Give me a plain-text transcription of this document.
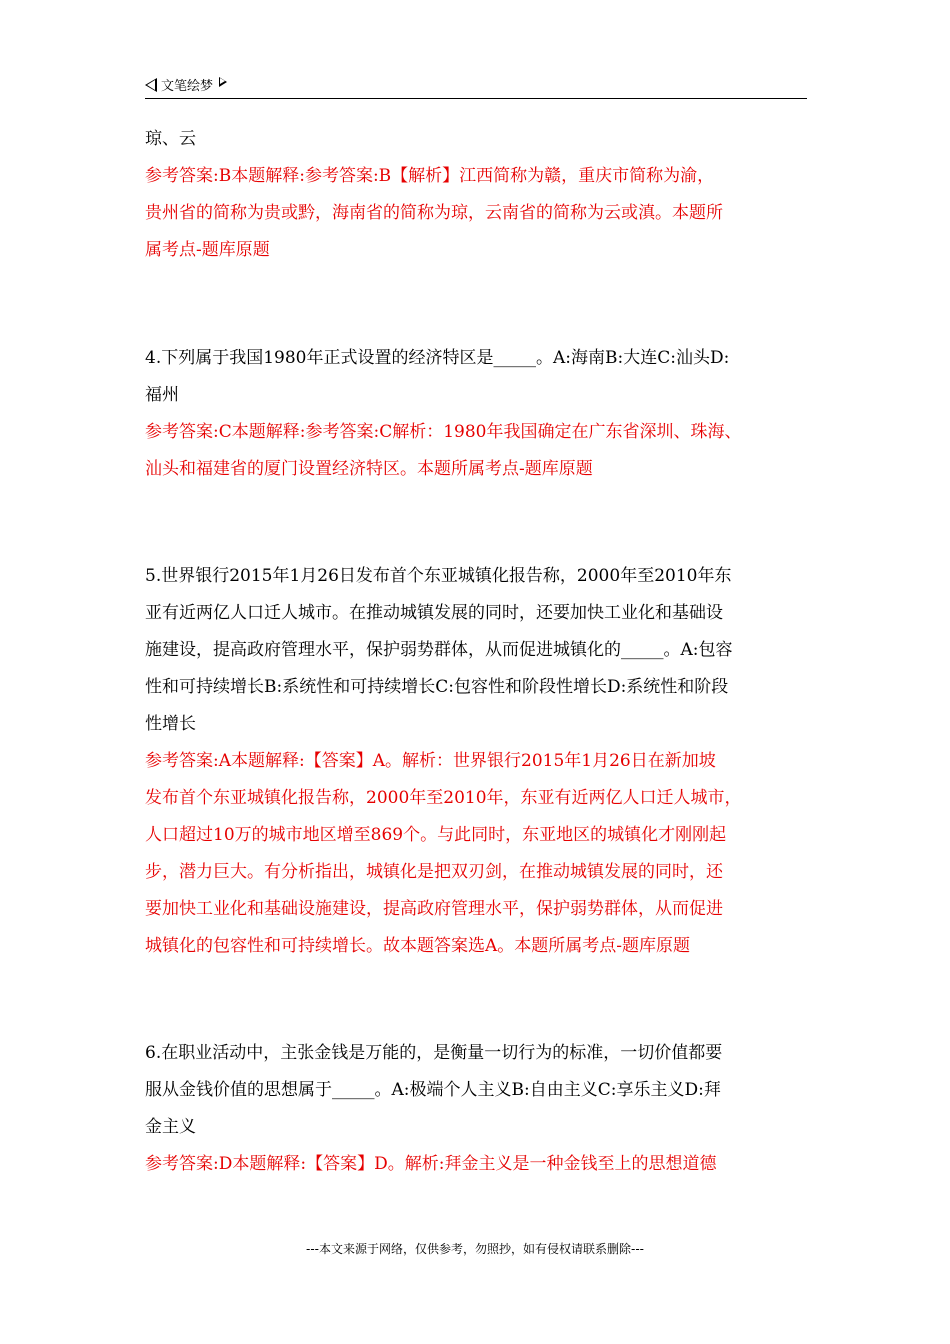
文笔绘梦
琼、云
参考答案:B本题解释:参考答案:B【解析】江西简称为赣，重庆市简称为渝，
贵州省的简称为贵或黔，海南省的简称为琼，云南省的简称为云或滇。本题所
属考点-题库原题
4.下列属于我国1980年正式设置的经济特区是_____。A:海南B:大连C:汕头D:
福州
参考答案:C本题解释:参考答案:C解析：1980年我国确定在广东省深圳、珠海、
汕头和福建省的厦门设置经济特区。本题所属考点-题库原题
5.世界银行2015年1月26日发布首个东亚城镇化报告称，2000年至2010年东
亚有近两亿人口迁人城市。在推动城镇发展的同时，还要加快工业化和基础设
施建设，提高政府管理水平，保护弱势群体，从而促进城镇化的_____。A:包容
性和可持续增长B:系统性和可持续增长C:包容性和阶段性增长D:系统性和阶段
性增长
参考答案:A本题解释:【答案】A。解析：世界银行2015年1月26日在新加坡
发布首个东亚城镇化报告称，2000年至2010年，东亚有近两亿人口迁人城市，
人口超过10万的城市地区增至869个。与此同时，东亚地区的城镇化才刚刚起
步，潜力巨大。有分析指出，城镇化是把双刃剑，在推动城镇发展的同时，还
要加快工业化和基础设施建设，提高政府管理水平，保护弱势群体，从而促进
城镇化的包容性和可持续增长。故本题答案选A。本题所属考点-题库原题
6.在职业活动中，主张金钱是万能的，是衡量一切行为的标准，一切价值都要
服从金钱价值的思想属于_____。A:极端个人主义B:自由主义C:享乐主义D:拜
金主义
参考答案:D本题解释:【答案】D。解析:拜金主义是一种金钱至上的思想道德
---本文来源于网络，仅供参考，勿照抄，如有侵权请联系删除---
